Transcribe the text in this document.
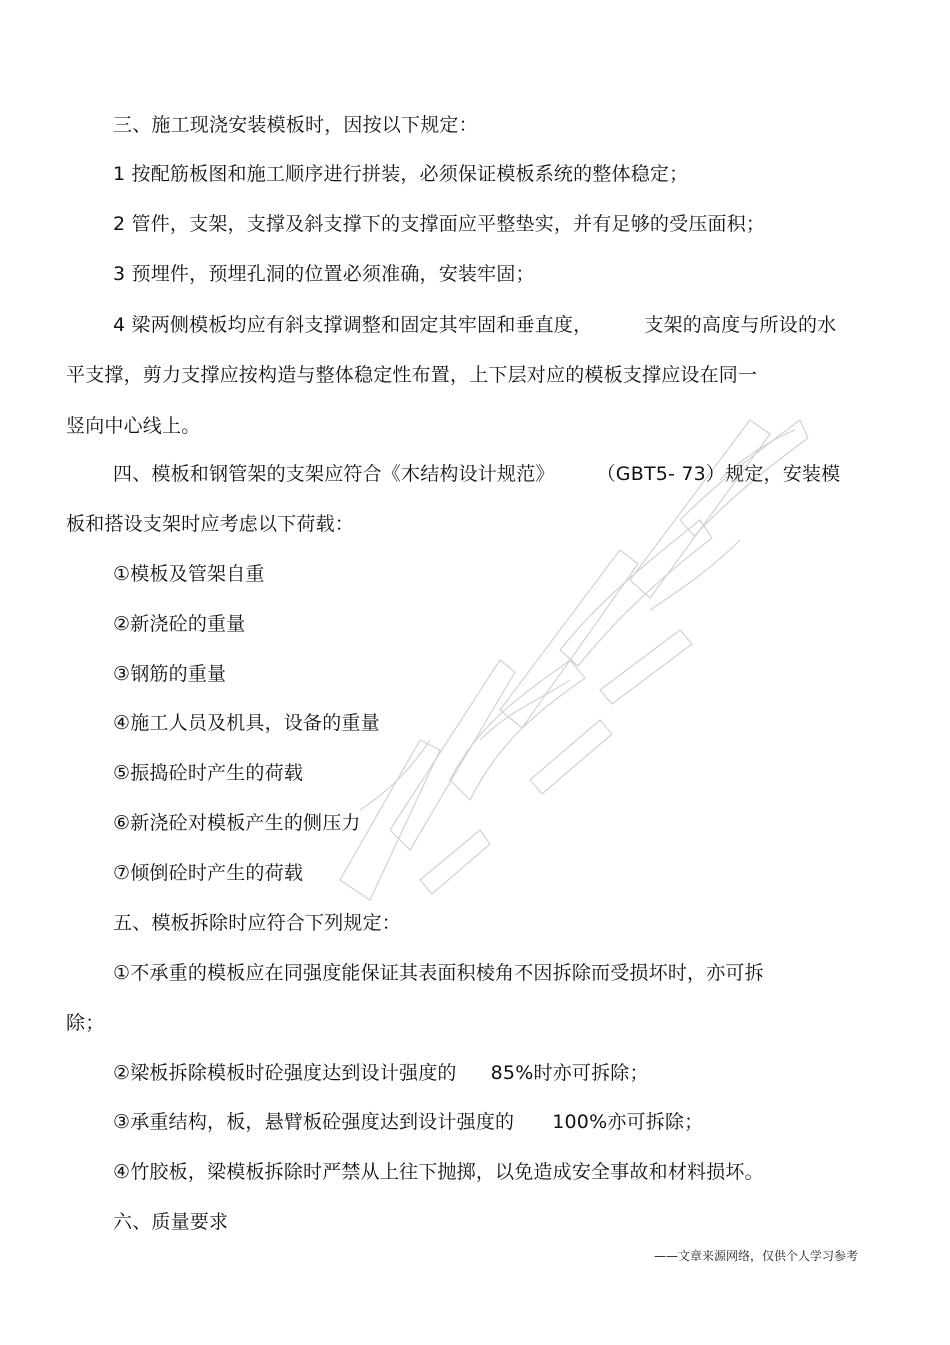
三、施工现浇安装模板时，因按以下规定：
1 按配筋板图和施工顺序进行拼装，必须保证模板系统的整体稳定；
2 管件，支架，支撑及斜支撑下的支撑面应平整垫实，并有足够的受压面积；
3 预埋件，预埋孔洞的位置必须准确，安装牢固；
4 梁两侧模板均应有斜支撑调整和固定其牢固和垂直度，	支架的高度与所设的水
平支撑，剪力支撑应按构造与整体稳定性布置，上下层对应的模板支撑应设在同一
竖向中心线上。
四、模板和钢管架的支架应符合《木结构设计规范》 （GBT5- 73）规定，安装模
板和搭设支架时应考虑以下荷载：
①模板及管架自重
②新浇砼的重量
③钢筋的重量
④施工人员及机具，设备的重量
⑤振捣砼时产生的荷载
⑥新浇砼对模板产生的侧压力
⑦倾倒砼时产生的荷载
五、模板拆除时应符合下列规定：
①不承重的模板应在同强度能保证其表面积棱角不因拆除而受损坏时，亦可拆
除；
②梁板拆除模板时砼强度达到设计强度的 85%时亦可拆除；
③承重结构，板，悬臂板砼强度达到设计强度的 100%亦可拆除；
④竹胶板，梁模板拆除时严禁从上往下抛掷，以免造成安全事故和材料损坏。
六、质量要求
——文章来源网络，仅供个人学习参考
